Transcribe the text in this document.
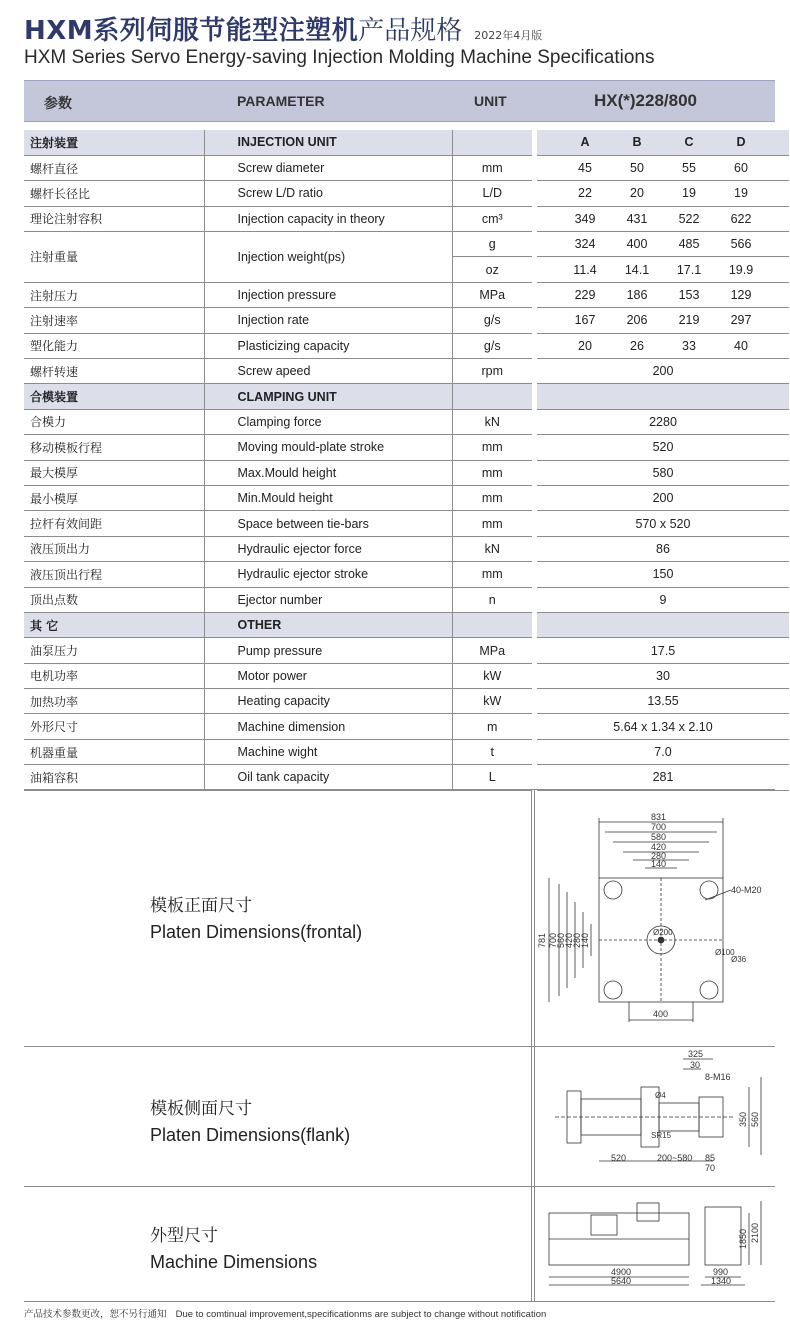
HXM 系列伺服节能型注塑机 产品规格 2022年4月版
HXM Series Servo Energy-saving Injection Molding Machine Specifications
参数	PARAMETER	UNIT	HX(*)228/800
注射装置	INJECTION UNIT				A	B	C	D	
螺杆直径	Screw diameter	mm			45	50	55	60	
螺杆长径比	Screw L/D ratio	L/D			22	20	19	19	
理论注射容积	Injection capacity in theory	cm³			349	431	522	622	
注射重量	Injection weight(ps)	g			324	400	485	566	
		oz			11.4	14.1	17.1	19.9	
注射压力	Injection pressure	MPa			229	186	153	129	
注射速率	Injection rate	g/s			167	206	219	297	
塑化能力	Plasticizing capacity	g/s			20	26	33	40	
螺杆转速	Screw apeed	rpm		200					
合模装置	CLAMPING UNIT								
合模力	Clamping force	kN		2280					
移动模板行程	Moving mould-plate stroke	mm		520					
最大模厚	Max.Mould height	mm		580					
最小模厚	Min.Mould height	mm		200					
拉杆有效间距	Space between tie-bars	mm		570 x 520					
液压顶出力	Hydraulic ejector force	kN		86					
液压顶出行程	Hydraulic ejector stroke	mm		150					
顶出点数	Ejector number	n		9					
其 它	OTHER								
油泵压力	Pump pressure	MPa		17.5					
电机功率	Motor power	kW		30					
加热功率	Heating capacity	kW		13.55					
外形尺寸	Machine dimension	m		5.64 x 1.34 x 2.10					
机器重量	Machine wight	t		7.0					
油箱容积	Oil tank capacity	L		281					
模板正面尺寸
Platen Dimensions(frontal)
831
700
580
420
280
140
781 700
560
420
280
140
400
40-M20
Ø200
Ø100
Ø36
模板侧面尺寸
Platen Dimensions(flank)
325
30
8-M16
Ø4
SR15
350 560
520	200~580 85
70
外型尺寸
Machine Dimensions	4900
5640
990
1340
1850 2100
产品技术参数更改，恕不另行通知 Due to comtinual improvement,specificationms are subject to change without notification
